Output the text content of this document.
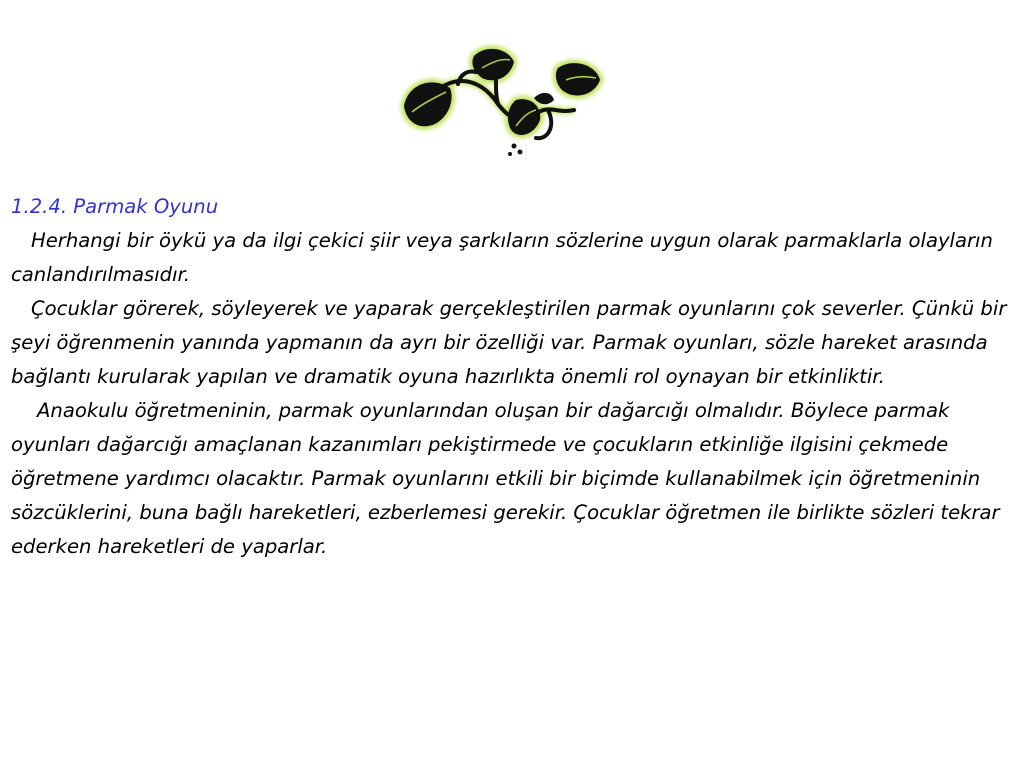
1.2.4. Parmak Oyunu

Herhangi bir öykü ya da ilgi çekici şiir veya şarkıların sözlerine uygun olarak parmaklarla olayların canlandırılmasıdır.

Çocuklar görerek, söyleyerek ve yaparak gerçekleştirilen parmak oyunlarını çok severler. Çünkü bir şeyi öğrenmenin yanında yapmanın da ayrı bir özelliği var. Parmak oyunları, sözle hareket arasında bağlantı kurularak yapılan ve dramatik oyuna hazırlıkta önemli rol oynayan bir etkinliktir.

Anaokulu öğretmeninin, parmak oyunlarından oluşan bir dağarcığı olmalıdır. Böylece parmak oyunları dağarcığı amaçlanan kazanımları pekiştirmede ve çocukların etkinliğe ilgisini çekmede öğretmene yardımcı olacaktır. Parmak oyunlarını etkili bir biçimde kullanabilmek için öğretmeninin sözcüklerini, buna bağlı hareketleri, ezberlemesi gerekir. Çocuklar öğretmen ile birlikte sözleri tekrar ederken hareketleri de yaparlar.
